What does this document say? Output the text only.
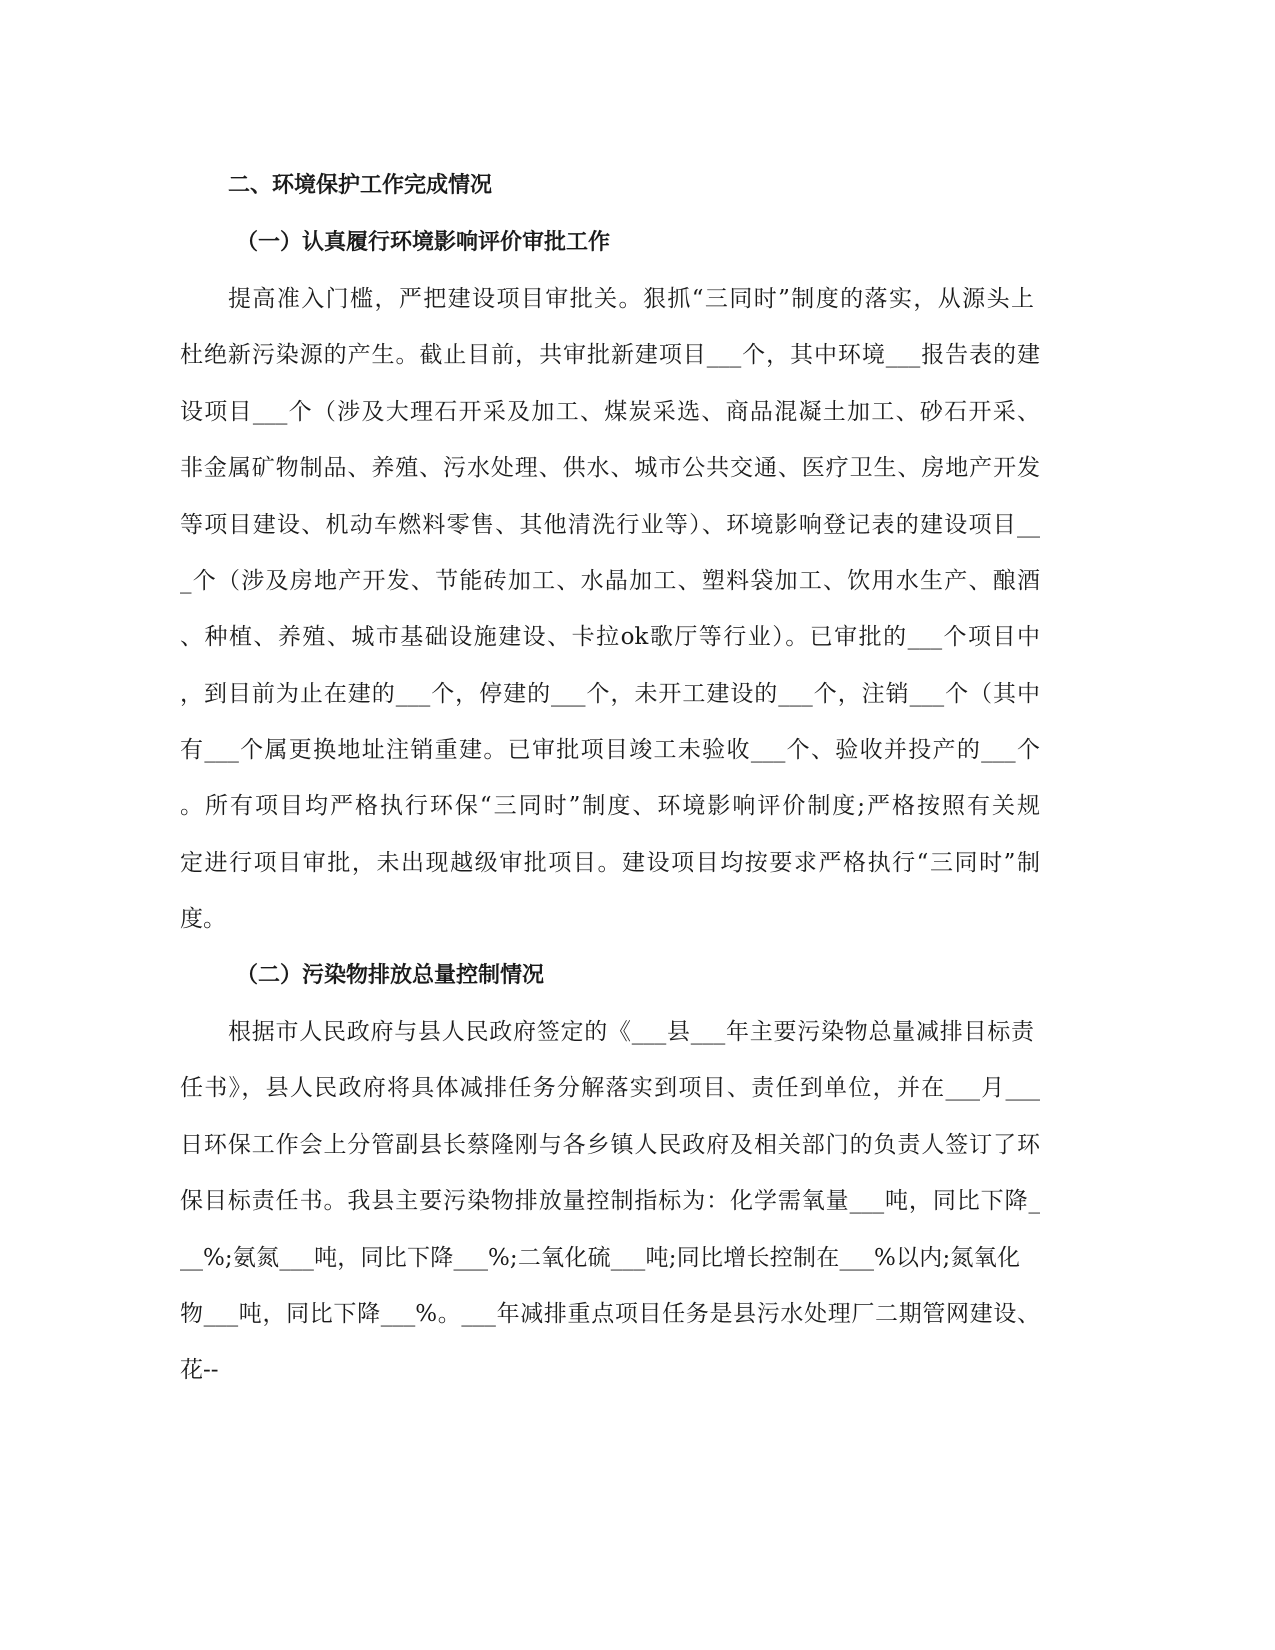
二、环境保护工作完成情况
（一）认真履行环境影响评价审批工作
提高准入门槛，严把建设项目审批关。狠抓“三同时”制度的落实，从源头上
杜绝新污染源的产生。截止目前，共审批新建项目___个，其中环境___报告表的建
设项目___个（涉及大理石开采及加工、煤炭采选、商品混凝土加工、砂石开采、
非金属矿物制品、养殖、污水处理、供水、城市公共交通、医疗卫生、房地产开发
等项目建设、机动车燃料零售、其他清洗行业等）、环境影响登记表的建设项目__
_个（涉及房地产开发、节能砖加工、水晶加工、塑料袋加工、饮用水生产、酿酒
、种植、养殖、城市基础设施建设、卡拉ok歌厅等行业）。已审批的___个项目中
，到目前为止在建的___个，停建的___个，未开工建设的___个，注销___个（其中
有___个属更换地址注销重建。已审批项目竣工未验收___个、验收并投产的___个
。所有项目均严格执行环保“三同时”制度、环境影响评价制度;严格按照有关规
定进行项目审批，未出现越级审批项目。建设项目均按要求严格执行“三同时”制
度。
（二）污染物排放总量控制情况
根据市人民政府与县人民政府签定的《___县___年主要污染物总量减排目标责
任书》，县人民政府将具体减排任务分解落实到项目、责任到单位，并在___月___
日环保工作会上分管副县长蔡隆刚与各乡镇人民政府及相关部门的负责人签订了环
保目标责任书。我县主要污染物排放量控制指标为：化学需氧量___吨，同比下降_
__%;氨氮___吨，同比下降___%;二氧化硫___吨;同比增长控制在___%以内;氮氧化
物___吨，同比下降___%。___年减排重点项目任务是县污水处理厂二期管网建设、
花--
